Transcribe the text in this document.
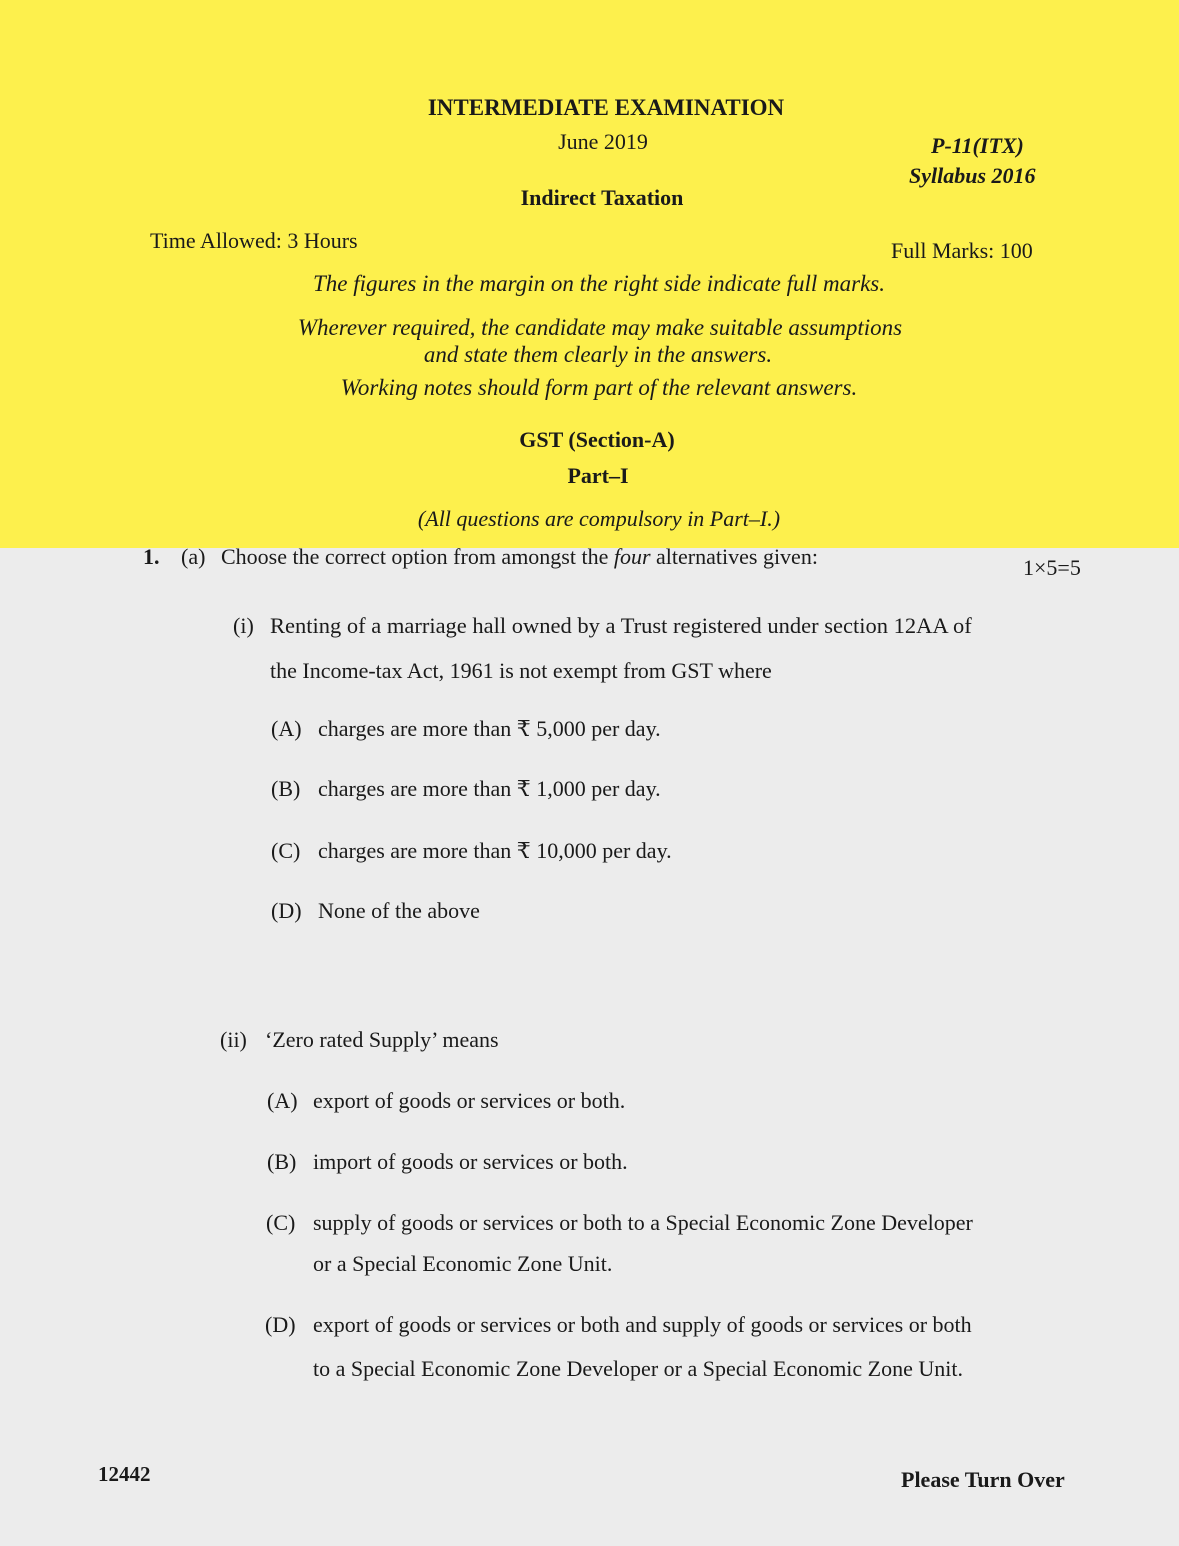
INTERMEDIATE EXAMINATION
June 2019	P-11(ITX)
Syllabus 2016
Indirect Taxation
Time Allowed: 3 Hours	Full Marks: 100
The figures in the margin on the right side indicate full marks.
Wherever required, the candidate may make suitable assumptions
and state them clearly in the answers.
Working notes should form part of the relevant answers.
GST (Section-A)
Part–I
(All questions are compulsory in Part–I.)
1. (a) Choose the correct option from amongst the four alternatives given:	1×5=5
(i) Renting of a marriage hall owned by a Trust registered under section 12AA of
the Income-tax Act, 1961 is not exempt from GST where
(A) charges are more than ₹ 5,000 per day.
(B) charges are more than ₹ 1,000 per day.
(C) charges are more than ₹ 10,000 per day.
(D) None of the above
(ii) ‘Zero rated Supply’ means
(A) export of goods or services or both.
(B) import of goods or services or both.
(C) supply of goods or services or both to a Special Economic Zone Developer
or a Special Economic Zone Unit.
(D) export of goods or services or both and supply of goods or services or both
to a Special Economic Zone Developer or a Special Economic Zone Unit.
12442	Please Turn Over
